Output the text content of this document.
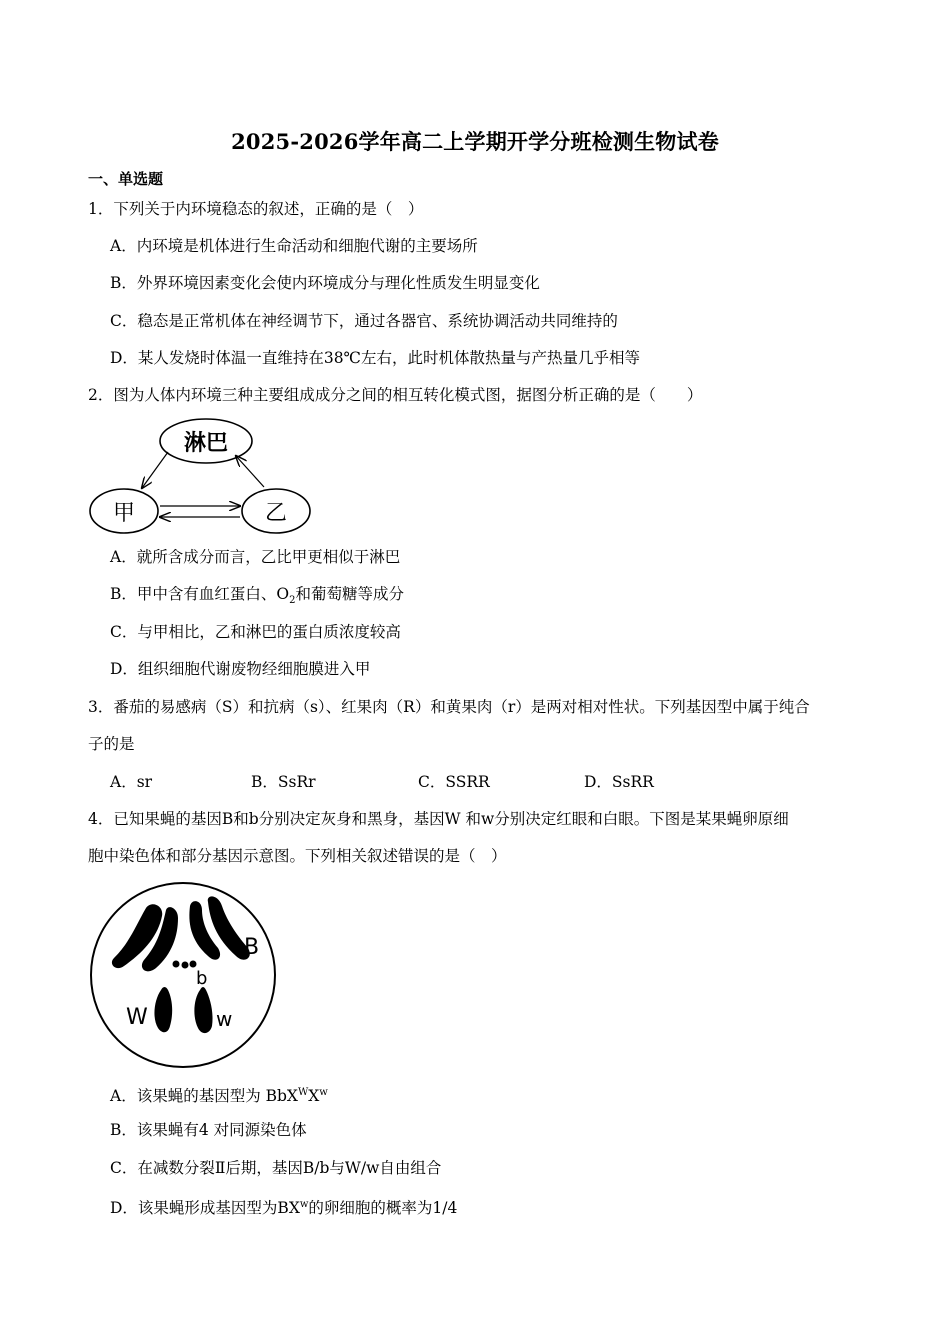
2025-2026学年高二上学期开学分班检测生物试卷
一、单选题
1．下列关于内环境稳态的叙述，正确的是（　）
A．内环境是机体进行生命活动和细胞代谢的主要场所
B．外界环境因素变化会使内环境成分与理化性质发生明显变化
C．稳态是正常机体在神经调节下，通过各器官、系统协调活动共同维持的
D．某人发烧时体温一直维持在38℃左右，此时机体散热量与产热量几乎相等
2．图为人体内环境三种主要组成成分之间的相互转化模式图，据图分析正确的是（　　）
淋巴
甲	乙
A．就所含成分而言，乙比甲更相似于淋巴
B．甲中含有血红蛋白、$O_2$和葡萄糖等成分
C．与甲相比，乙和淋巴的蛋白质浓度较高
D．组织细胞代谢废物经细胞膜进入甲
3．番茄的易感病（S）和抗病（s）、红果肉（R）和黄果肉（r）是两对相对性状。下列基因型中属于纯合
子的是
A．sr	B．SsRr	C．SSRR	D．SsRR
4．已知果蝇的基因B和b分别决定灰身和黑身，基因W 和w分别决定红眼和白眼。下图是某果蝇卵原细
胞中染色体和部分基因示意图。下列相关叙述错误的是（　）
B
b
W	w
A．该果蝇的基因型为 $BbX^WX^w$
B．该果蝇有4 对同源染色体
C．在减数分裂Ⅱ后期，基因B/b与W/w自由组合
D．该果蝇形成基因型为$BX^w$的卵细胞的概率为1/4
